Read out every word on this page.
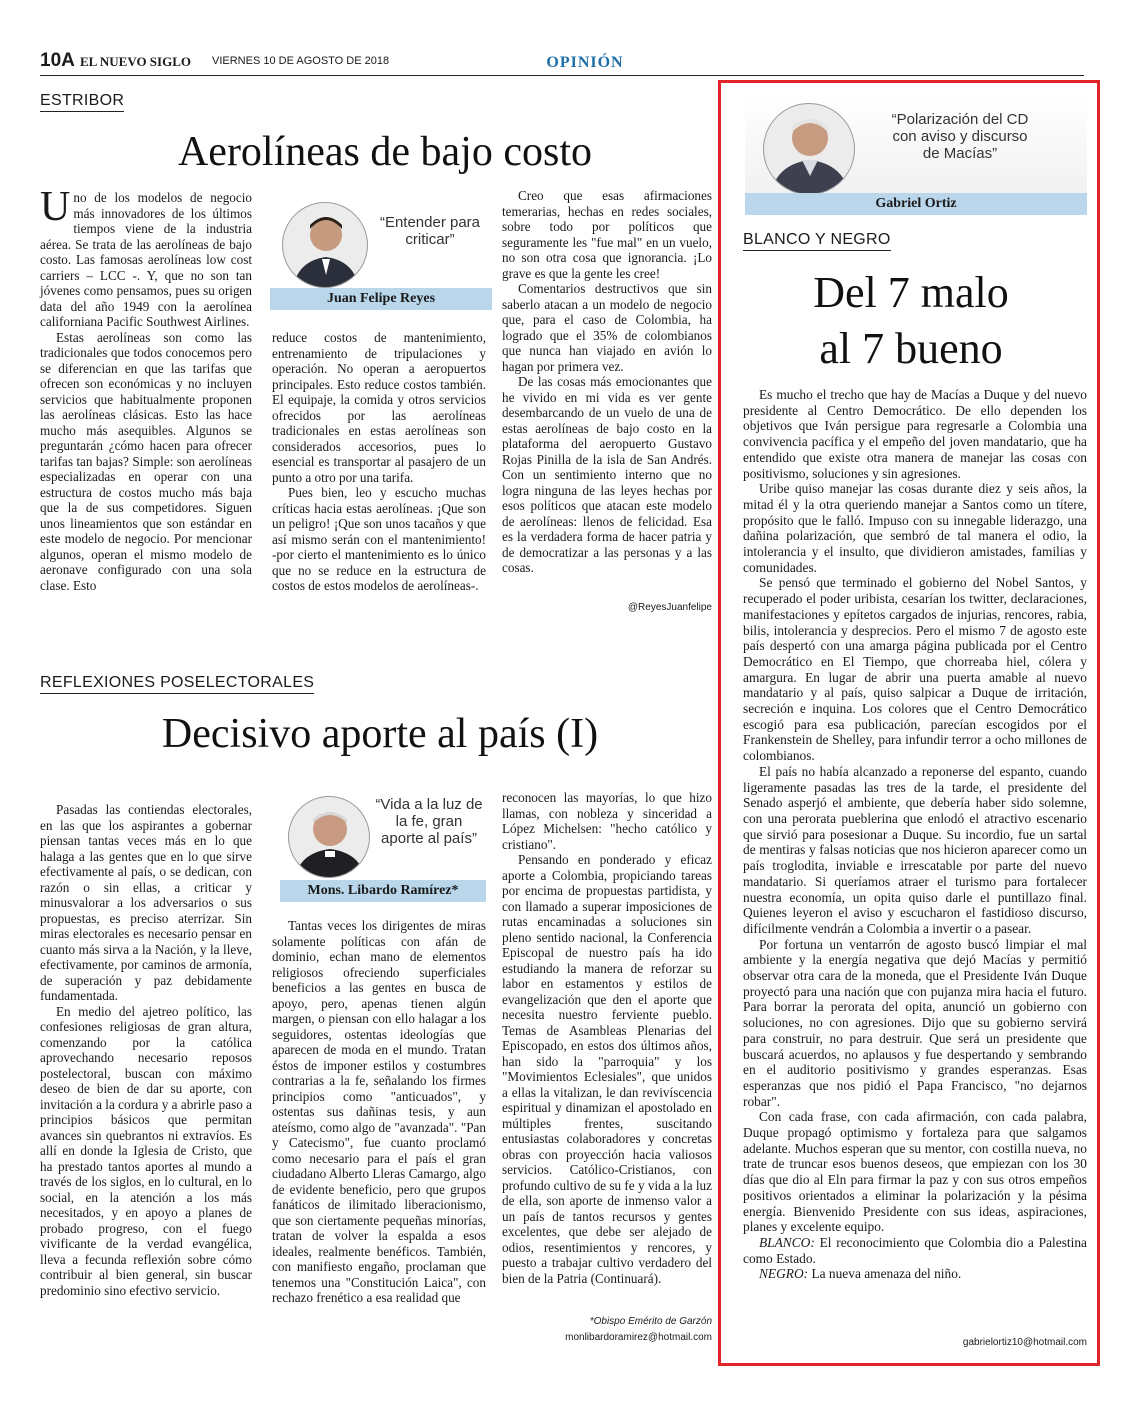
10A EL NUEVO SIGLO VIERNES 10 DE AGOSTO DE 2018	OPINIÓN
ESTRIBOR
Aerolíneas de bajo costo

Uno de los modelos de negocio más innovadores de los últimos tiempos viene de la industria aérea. Se trata de las aerolíneas de bajo costo. Las famosas aerolíneas low cost carriers – LCC -. Y, que no son tan jóvenes como pensamos, pues su origen data del año 1949 con la aerolínea californiana Pacific Southwest Airlines.

Estas aerolíneas son como las tradicionales que todos conocemos pero se diferencian en que las tarifas que ofrecen son económicas y no incluyen servicios que habitualmente proponen las aerolíneas clásicas. Esto las hace mucho más asequibles. Algunos se preguntarán ¿cómo hacen para ofrecer tarifas tan bajas? Simple: son aerolíneas especializadas en operar con una estructura de costos mucho más baja que la de sus competidores. Siguen unos lineamientos que son estándar en este modelo de negocio. Por mencionar algunos, operan el mismo modelo de aeronave configurado con una sola clase. Esto

“Entender para criticar”
Juan Felipe Reyes

reduce costos de mantenimiento, entrenamiento de tripulaciones y operación. No operan a aeropuertos principales. Esto reduce costos también. El equipaje, la comida y otros servicios ofrecidos por las aerolíneas tradicionales en estas aerolíneas son considerados accesorios, pues lo esencial es transportar al pasajero de un punto a otro por una tarifa.

Pues bien, leo y escucho muchas críticas hacia estas aerolíneas. ¡Que son un peligro! ¡Que son unos tacaños y que así mismo serán con el mantenimiento! -por cierto el mantenimiento es lo único que no se reduce en la estructura de costos de estos modelos de aerolíneas-.

Creo que esas afirmaciones temerarias, hechas en redes sociales, sobre todo por políticos que seguramente les "fue mal" en un vuelo, no son otra cosa que ignorancia. ¡Lo grave es que la gente les cree!

Comentarios destructivos que sin saberlo atacan a un modelo de negocio que, para el caso de Colombia, ha logrado que el 35% de colombianos que nunca han viajado en avión lo hagan por primera vez.

De las cosas más emocionantes que he vivido en mi vida es ver gente desembarcando de un vuelo de una de estas aerolíneas de bajo costo en la plataforma del aeropuerto Gustavo Rojas Pinilla de la isla de San Andrés. Con un sentimiento interno que no logra ninguna de las leyes hechas por esos políticos que atacan este modelo de aerolíneas: llenos de felicidad. Esa es la verdadera forma de hacer patria y de democratizar a las personas y a las cosas.

@ReyesJuanfelipe
REFLEXIONES POSELECTORALES
Decisivo aporte al país (I)

Pasadas las contiendas electorales, en las que los aspirantes a gobernar piensan tantas veces más en lo que halaga a las gentes que en lo que sirve efectivamente al país, o se dedican, con razón o sin ellas, a criticar y minusvalorar a los adversarios o sus propuestas, es preciso aterrizar. Sin miras electorales es necesario pensar en cuanto más sirva a la Nación, y la lleve, efectivamente, por caminos de armonía, de superación y paz debidamente fundamentada.

En medio del ajetreo político, las confesiones religiosas de gran altura, comenzando por la católica aprovechando necesario reposos postelectoral, buscan con máximo deseo de bien de dar su aporte, con invitación a la cordura y a abrirle paso a principios básicos que permitan avances sin quebrantos ni extravíos. Es allí en donde la Iglesia de Cristo, que ha prestado tantos aportes al mundo a través de los siglos, en lo cultural, en lo social, en la atención a los más necesitados, y en apoyo a planes de probado progreso, con el fuego vivificante de la verdad evangélica, lleva a fecunda reflexión sobre cómo contribuir al bien general, sin buscar predominio sino efectivo servicio.

“Vida a la luz de la fe, gran aporte al país”
Mons. Libardo Ramírez*

Tantas veces los dirigentes de miras solamente políticas con afán de dominio, echan mano de elementos religiosos ofreciendo superficiales beneficios a las gentes en busca de apoyo, pero, apenas tienen algún margen, o piensan con ello halagar a los seguidores, ostentas ideologías que aparecen de moda en el mundo. Tratan éstos de imponer estilos y costumbres contrarias a la fe, señalando los firmes principios como "anticuados", y ostentas sus dañinas tesis, y aun ateísmo, como algo de "avanzada". "Pan y Catecismo", fue cuanto proclamó como necesario para el país el gran ciudadano Alberto Lleras Camargo, algo de evidente beneficio, pero que grupos fanáticos de ilimitado liberacionismo, que son ciertamente pequeñas minorías, tratan de volver la espalda a esos ideales, realmente benéficos. También, con manifiesto engaño, proclaman que tenemos una "Constitución Laica", con rechazo frenético a esa realidad que

reconocen las mayorías, lo que hizo llamas, con nobleza y sinceridad a López Michelsen: "hecho católico y cristiano".

Pensando en ponderado y eficaz aporte a Colombia, propiciando tareas por encima de propuestas partidista, y con llamado a superar imposiciones de rutas encaminadas a soluciones sin pleno sentido nacional, la Conferencia Episcopal de nuestro país ha ido estudiando la manera de reforzar su labor en estamentos y estilos de evangelización que den el aporte que necesita nuestro ferviente pueblo. Temas de Asambleas Plenarias del Episcopado, en estos dos últimos años, han sido la "parroquia" y los "Movimientos Eclesiales", que unidos a ellas la vitalizan, le dan revivíscencia espiritual y dinamizan el apostolado en múltiples frentes, suscitando entusiastas colaboradores y concretas obras con proyección hacia valiosos servicios. Católico-Cristianos, con profundo cultivo de su fe y vida a la luz de ella, son aporte de inmenso valor a un país de tantos recursos y gentes excelentes, que debe ser alejado de odios, resentimientos y rencores, y puesto a trabajar cultivo verdadero del bien de la Patria (Continuará).

*Obispo Emérito de Garzón
monlibardoramirez@hotmail.com
“Polarización del CD con aviso y discurso de Macías”
Gabriel Ortiz
BLANCO Y NEGRO
Del 7 malo
al 7 bueno

Es mucho el trecho que hay de Macías a Duque y del nuevo presidente al Centro Democrático. De ello dependen los objetivos que Iván persigue para regresarle a Colombia una convivencia pacífica y el empeño del joven mandatario, que ha entendido que existe otra manera de manejar las cosas con positivismo, soluciones y sin agresiones.

Uribe quiso manejar las cosas durante diez y seis años, la mitad él y la otra queriendo manejar a Santos como un títere, propósito que le falló. Impuso con su innegable liderazgo, una dañina polarización, que sembró de tal manera el odio, la intolerancia y el insulto, que dividieron amistades, familias y comunidades.

Se pensó que terminado el gobierno del Nobel Santos, y recuperado el poder uribista, cesarían los twitter, declaraciones, manifestaciones y epítetos cargados de injurias, rencores, rabia, bilis, intolerancia y desprecios. Pero el mismo 7 de agosto este país despertó con una amarga página publicada por el Centro Democrático en El Tiempo, que chorreaba hiel, cólera y amargura. En lugar de abrir una puerta amable al nuevo mandatario y al país, quiso salpicar a Duque de irritación, secreción e inquina. Los colores que el Centro Democrático escogió para esa publicación, parecían escogidos por el Frankenstein de Shelley, para infundir terror a ocho millones de colombianos.

El país no había alcanzado a reponerse del espanto, cuando ligeramente pasadas las tres de la tarde, el presidente del Senado asperjó el ambiente, que debería haber sido solemne, con una perorata pueblerina que enlodó el atractivo escenario que sirvió para posesionar a Duque. Su incordio, fue un sartal de mentiras y falsas noticias que nos hicieron aparecer como un país troglodita, inviable e irrescatable por parte del nuevo mandatario. Si queríamos atraer el turismo para fortalecer nuestra economía, un opita quiso darle el puntillazo final. Quienes leyeron el aviso y escucharon el fastidioso discurso, difícilmente vendrán a Colombia a invertir o a pasear.

Por fortuna un ventarrón de agosto buscó limpiar el mal ambiente y la energía negativa que dejó Macías y permitió observar otra cara de la moneda, que el Presidente Iván Duque proyectó para una nación que con pujanza mira hacia el futuro. Para borrar la perorata del opita, anunció un gobierno con soluciones, no con agresiones. Dijo que su gobierno servirá para construir, no para destruir. Que será un presidente que buscará acuerdos, no aplausos y fue despertando y sembrando en el auditorio positivismo y grandes esperanzas. Esas esperanzas que nos pidió el Papa Francisco, "no dejarnos robar".

Con cada frase, con cada afirmación, con cada palabra, Duque propagó optimismo y fortaleza para que salgamos adelante. Muchos esperan que su mentor, con costilla nueva, no trate de truncar esos buenos deseos, que empiezan con los 30 días que dio al Eln para firmar la paz y con sus otros empeños positivos orientados a eliminar la polarización y la pésima energía. Bienvenido Presidente con sus ideas, aspiraciones, planes y excelente equipo.

BLANCO: El reconocimiento que Colombia dio a Palestina como Estado.

NEGRO: La nueva amenaza del niño.

gabrielortiz10@hotmail.com
